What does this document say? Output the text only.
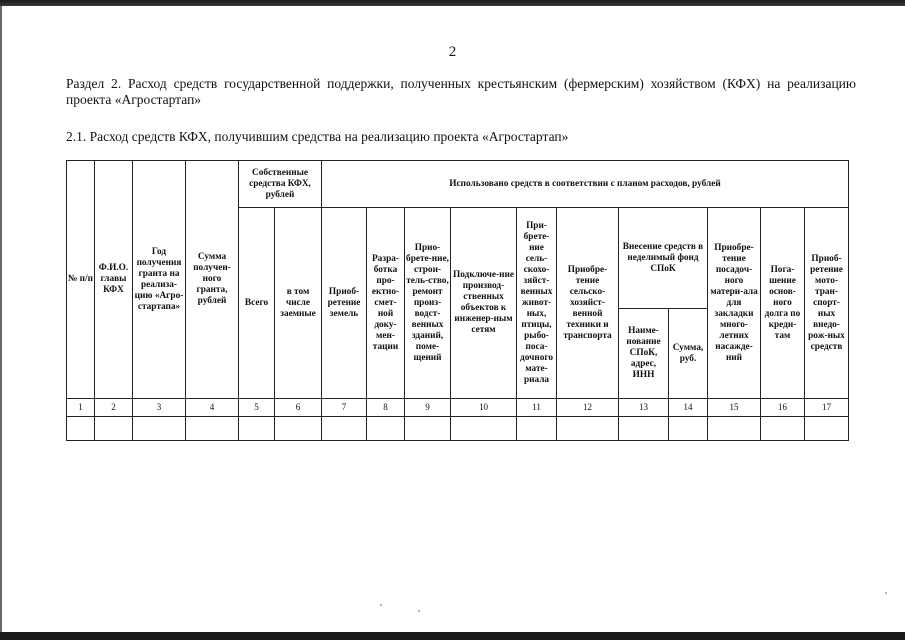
2
Раздел 2. Расход средств государственной поддержки, полученных крестьянским (фермерским) хозяйством (КФХ) на реализацию проекта «Агростартап»
2.1. Расход средств КФХ, получившим средства на реализацию проекта «Агростартап»
№ п/п	Ф.И.О. главы КФХ	Год получения гранта на реализа-цию «Агро-стартапа»	Сумма получен-ного гранта, рублей	Собственные средства КФХ, рублей		Использовано средств в соответствии с планом расходов, рублей										
				Всего	в том числе заемные	Приоб-ретение земель	Разра-ботка про-ектно-смет-ной доку-мен-тации	Прио-брете-ние, строи-тель-ство, ремонт произ-водст-венных зданий, поме-щений	Подключе-ние производ-ственных объектов к инженер-ным сетям	При-брете-ние сель-скохо-зяйст-венных живот-ных, птицы, рыбо-поса-дочного мате-риала	Приобре-тение сельско-хозяйст-венной техники и транспорта	Внесение средств в неделимый фонд СПоК		Приобре-тение посадоч-ного матери-ала для закладки много-летних насажде-ний	Пога-шение основ-ного долга по креди-там	Приоб-ретение мото-тран-спорт-ных внедо-рож-ных средств
												Наиме-нование СПоК, адрес, ИНН	Сумма, руб.			
1	2	3	4	5	6	7	8	9	10	11	12	13	14	15	16	17
